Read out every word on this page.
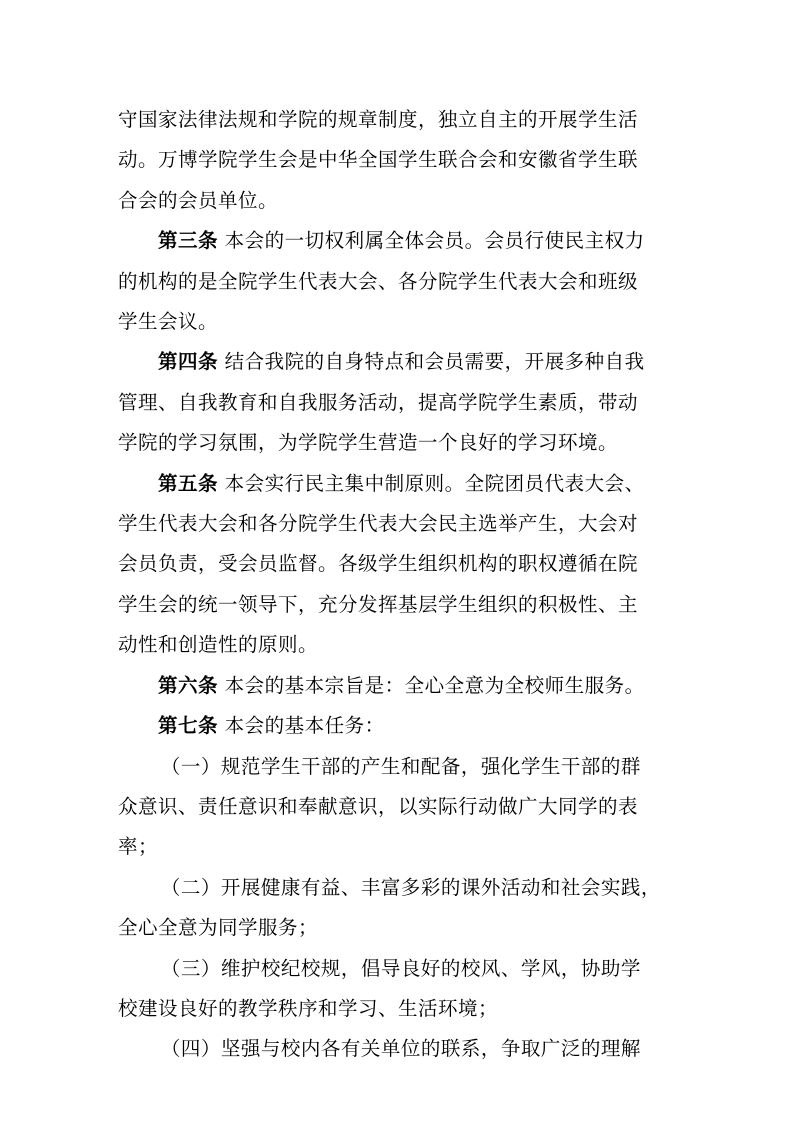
守国家法律法规和学院的规章制度，独立自主的开展学生活
动。万博学院学生会是中华全国学生联合会和安徽省学生联
合会的会员单位。

第三条 本会的一切权利属全体会员。会员行使民主权力
的机构的是全院学生代表大会、各分院学生代表大会和班级
学生会议。

第四条 结合我院的自身特点和会员需要，开展多种自我
管理、自我教育和自我服务活动，提高学院学生素质，带动
学院的学习氛围，为学院学生营造一个良好的学习环境。

第五条 本会实行民主集中制原则。全院团员代表大会、
学生代表大会和各分院学生代表大会民主选举产生，大会对
会员负责，受会员监督。各级学生组织机构的职权遵循在院
学生会的统一领导下，充分发挥基层学生组织的积极性、主
动性和创造性的原则。

第六条 本会的基本宗旨是：全心全意为全校师生服务。

第七条 本会的基本任务：

（一）规范学生干部的产生和配备，强化学生干部的群
众意识、责任意识和奉献意识，以实际行动做广大同学的表
率；

（二）开展健康有益、丰富多彩的课外活动和社会实践，
全心全意为同学服务；

（三）维护校纪校规，倡导良好的校风、学风，协助学
校建设良好的教学秩序和学习、生活环境；

（四）坚强与校内各有关单位的联系，争取广泛的理解
